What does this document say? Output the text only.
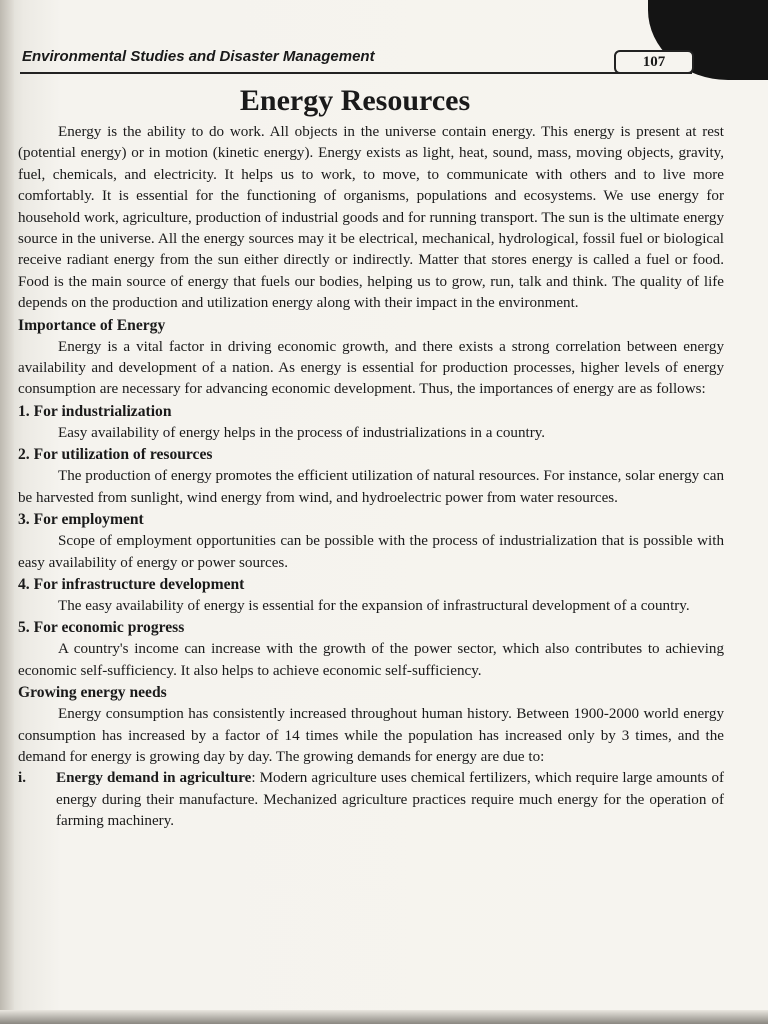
Environmental Studies and Disaster Management	107
Energy Resources

Energy is the ability to do work. All objects in the universe contain energy. This energy is present at rest (potential energy) or in motion (kinetic energy). Energy exists as light, heat, sound, mass, moving objects, gravity, fuel, chemicals, and electricity. It helps us to work, to move, to communicate with others and to live more comfortably. It is essential for the functioning of organisms, populations and ecosystems. We use energy for household work, agriculture, production of industrial goods and for running transport. The sun is the ultimate energy source in the universe. All the energy sources may it be electrical, mechanical, hydrological, fossil fuel or biological receive radiant energy from the sun either directly or indirectly. Matter that stores energy is called a fuel or food. Food is the main source of energy that fuels our bodies, helping us to grow, run, talk and think. The quality of life depends on the production and utilization energy along with their impact in the environment.

Importance of Energy

Energy is a vital factor in driving economic growth, and there exists a strong correlation between energy availability and development of a nation. As energy is essential for production processes, higher levels of energy consumption are necessary for advancing economic development. Thus, the importances of energy are as follows:

1. For industrialization

Easy availability of energy helps in the process of industrializations in a country.

2. For utilization of resources

The production of energy promotes the efficient utilization of natural resources. For instance, solar energy can be harvested from sunlight, wind energy from wind, and hydroelectric power from water resources.

3. For employment

Scope of employment opportunities can be possible with the process of industrialization that is possible with easy availability of energy or power sources.

4. For infrastructure development

The easy availability of energy is essential for the expansion of infrastructural development of a country.

5. For economic progress

A country's income can increase with the growth of the power sector, which also contributes to achieving economic self-sufficiency. It also helps to achieve economic self-sufficiency.

Growing energy needs

Energy consumption has consistently increased throughout human history. Between 1900-2000 world energy consumption has increased by a factor of 14 times while the population has increased only by 3 times, and the demand for energy is growing day by day. The growing demands for energy are due to:

i.	Energy demand in agriculture: Modern agriculture uses chemical fertilizers, which require large amounts of energy during their manufacture. Mechanized agriculture practices require much energy for the operation of farming machinery.
